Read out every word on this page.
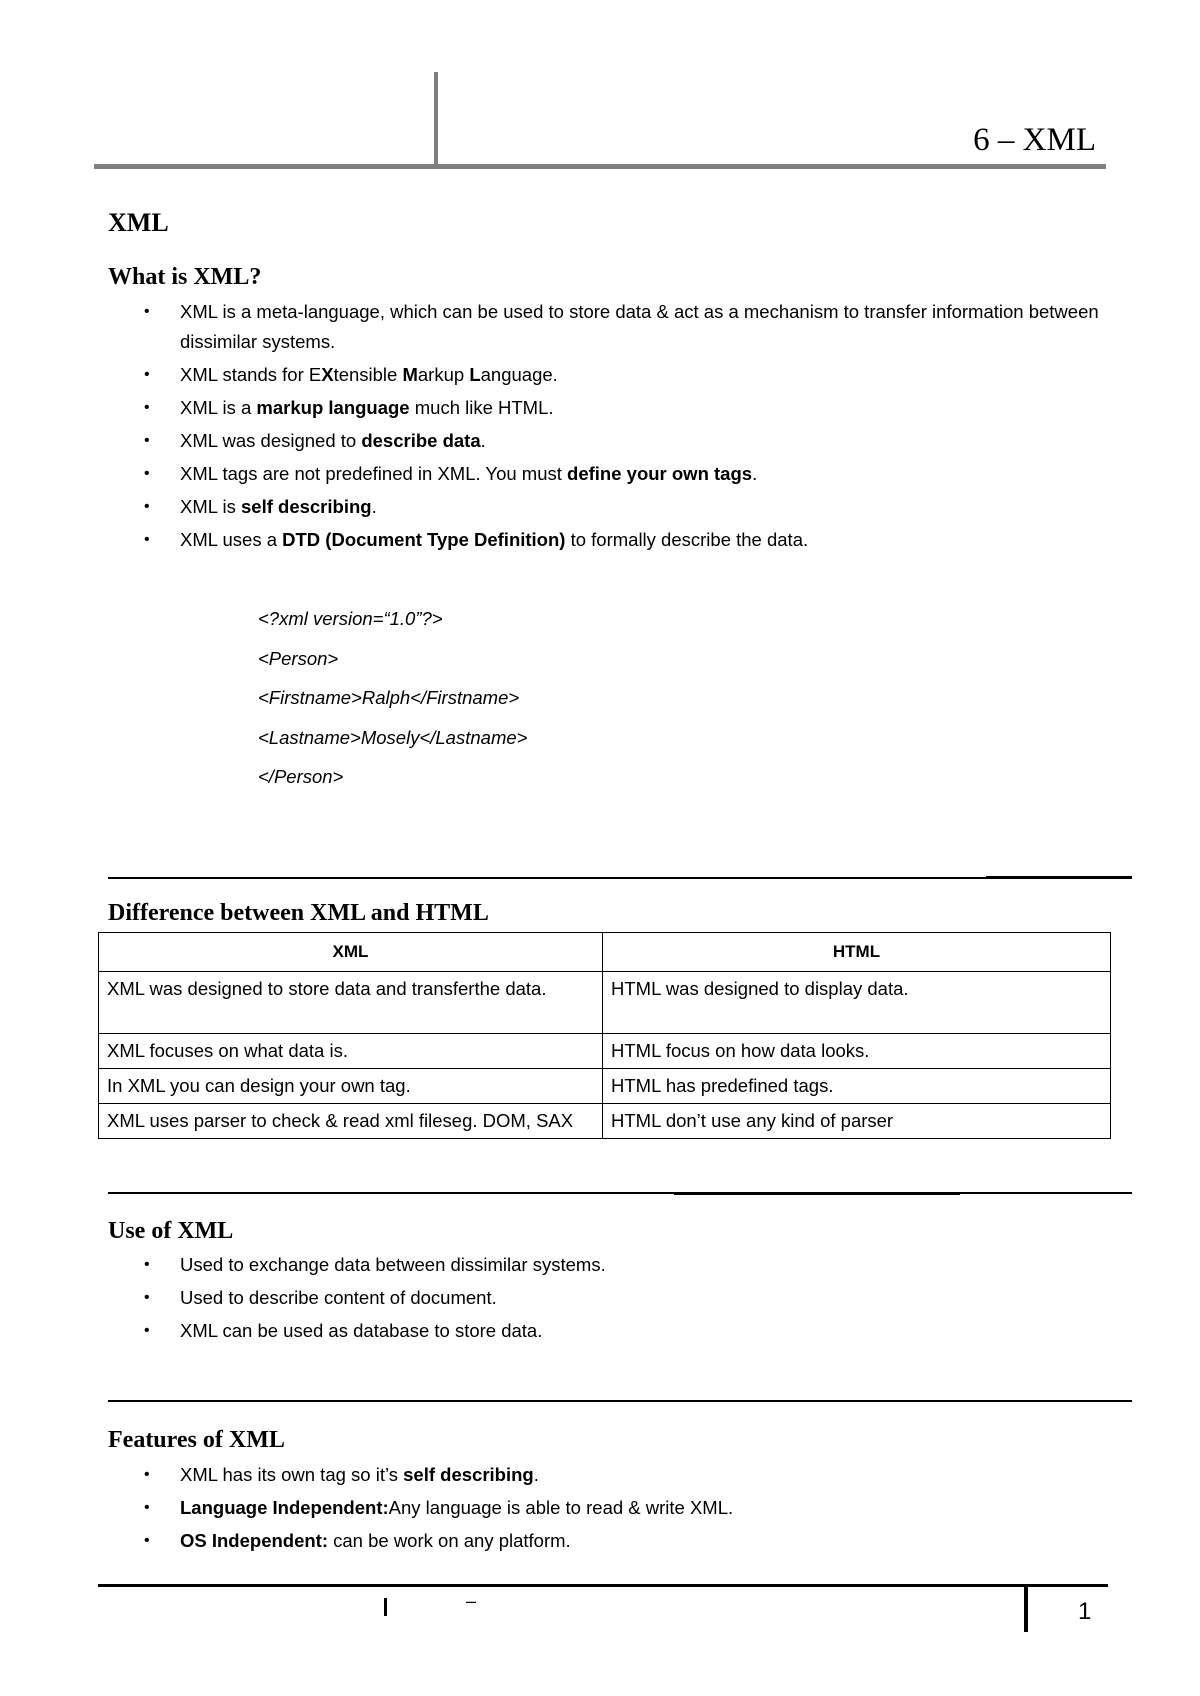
6 – XML
XML
What is XML?
• XML is a meta-language, which can be used to store data & act as a mechanism to transfer information between dissimilar systems.
• XML stands for EXtensible Markup Language.
• XML is a markup language much like HTML.
• XML was designed to describe data.
• XML tags are not predefined in XML. You must define your own tags.
• XML is self describing.
• XML uses a DTD (Document Type Definition) to formally describe the data.
<?xml version=“1.0”?>
<Person>
<Firstname>Ralph</Firstname>
<Lastname>Mosely</Lastname>
</Person>
Difference between XML and HTML
XML	HTML
XML was designed to store data and transferthe data.	HTML was designed to display data.
XML focuses on what data is.	HTML focus on how data looks.
In XML you can design your own tag.	HTML has predefined tags.
XML uses parser to check & read xml fileseg. DOM, SAX	HTML don’t use any kind of parser
Use of XML
• Used to exchange data between dissimilar systems.
• Used to describe content of document.
• XML can be used as database to store data.
Features of XML
• XML has its own tag so it’s self describing.
• Language Independent:Any language is able to read & write XML.
• OS Independent: can be work on any platform.
–	1
